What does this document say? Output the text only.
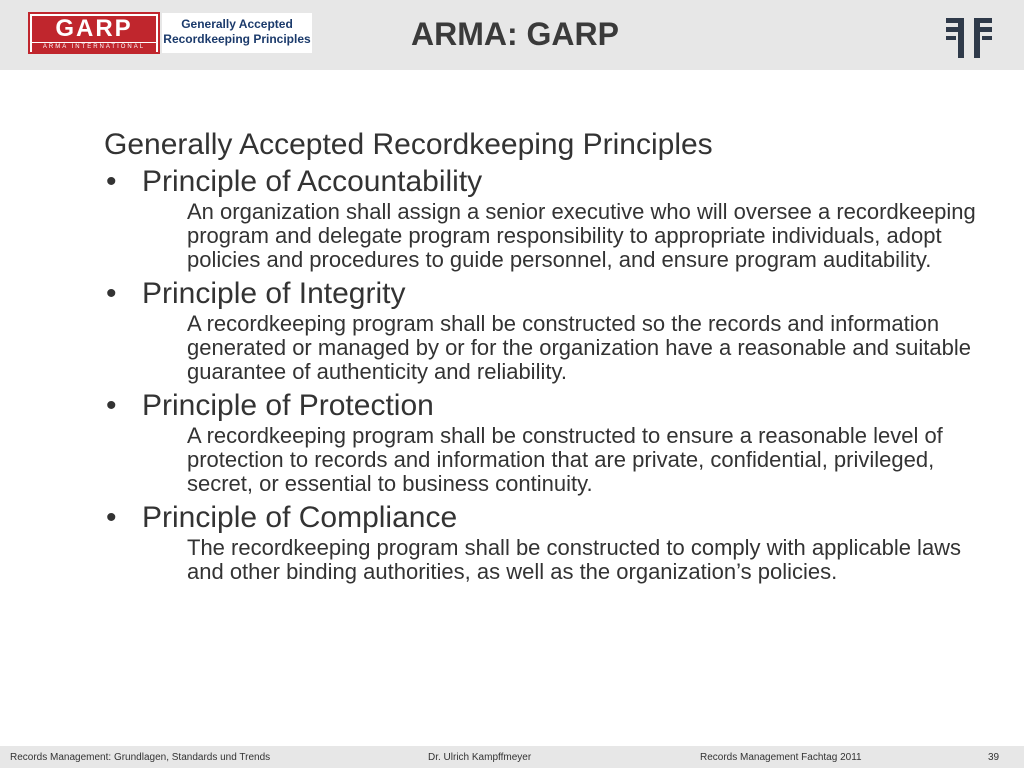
GARP
ARMA INTERNATIONAL
Generally Accepted
Recordkeeping Principles	ARMA: GARP
Generally Accepted Recordkeeping Principles
• Principle of Accountability
An organization shall assign a senior executive who will oversee a recordkeeping program and delegate program responsibility to appropriate individuals, adopt policies and procedures to guide personnel, and ensure program auditability.
• Principle of Integrity
A recordkeeping program shall be constructed so the records and information generated or managed by or for the organization have a reasonable and suitable guarantee of authenticity and reliability.
• Principle of Protection
A recordkeeping program shall be constructed to ensure a reasonable level of protection to records and information that are private, confidential, privileged, secret, or essential to business continuity.
• Principle of Compliance
The recordkeeping program shall be constructed to comply with applicable laws and other binding authorities, as well as the organization’s policies.
Records Management: Grundlagen, Standards und Trends	Dr. Ulrich Kampffmeyer	Records Management Fachtag 2011	39
